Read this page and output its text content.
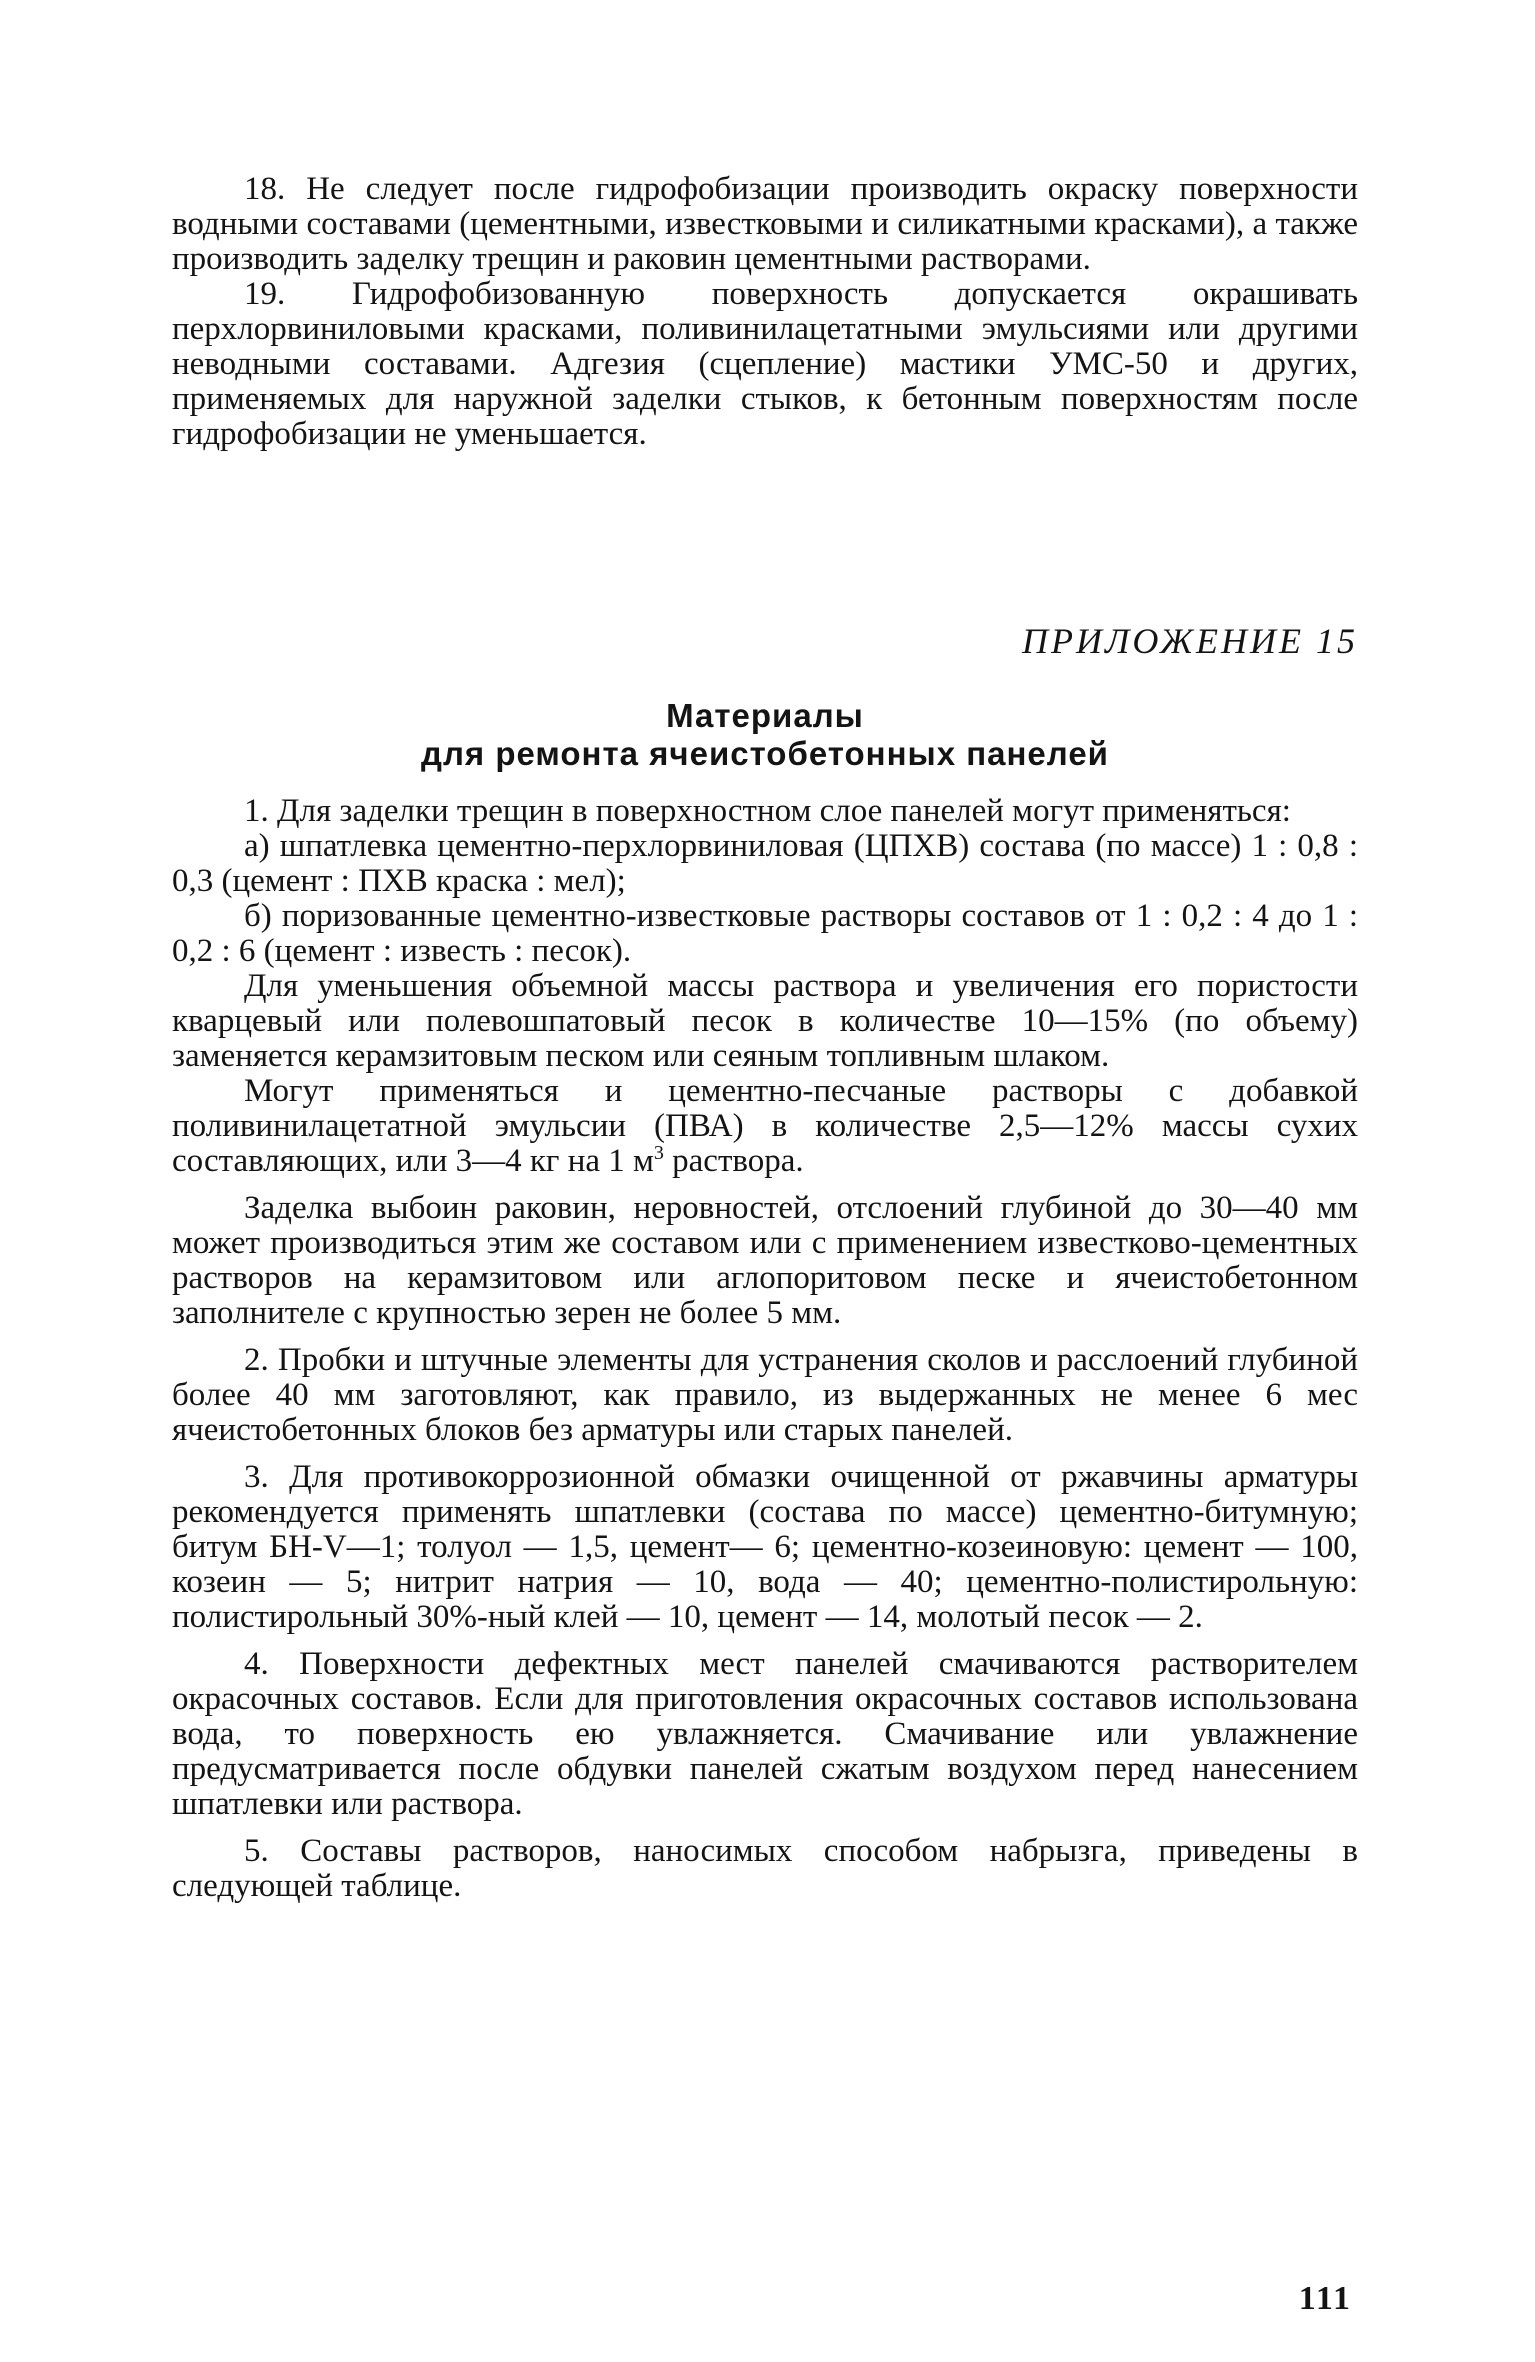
18. Не следует после гидрофобизации производить окраску поверхности водными составами (цементными, известковыми и силикатными красками), а также производить заделку трещин и раковин цементными растворами.

19. Гидрофобизованную поверхность допускается окрашивать перхлорвиниловыми красками, поливинилацетатными эмульсиями или другими неводными составами. Адгезия (сцепление) мастики УМС-50 и других, применяемых для наружной заделки стыков, к бетонным поверхностям после гидрофобизации не уменьшается.

ПРИЛОЖЕНИЕ 15

Материалы
для ремонта ячеистобетонных панелей

1. Для заделки трещин в поверхностном слое панелей могут применяться:

а) шпатлевка цементно-перхлорвиниловая (ЦПХВ) состава (по массе) 1 : 0,8 : 0,3 (цемент : ПХВ краска : мел);

б) поризованные цементно-известковые растворы составов от 1 : 0,2 : 4 до 1 : 0,2 : 6 (цемент : известь : песок).

Для уменьшения объемной массы раствора и увеличения его пористости кварцевый или полевошпатовый песок в количестве 10—15% (по объему) заменяется керамзитовым песком или сеяным топливным шлаком.

Могут применяться и цементно-песчаные растворы с добавкой поливинилацетатной эмульсии (ПВА) в количестве 2,5—12% массы сухих составляющих, или 3—4 кг на 1 $м^3$ раствора.

Заделка выбоин раковин, неровностей, отслоений глубиной до 30—40 мм может производиться этим же составом или с применением известково-цементных растворов на керамзитовом или аглопоритовом песке и ячеистобетонном заполнителе с крупностью зерен не более 5 мм.

2. Пробки и штучные элементы для устранения сколов и расслоений глубиной более 40 мм заготовляют, как правило, из выдержанных не менее 6 мес ячеистобетонных блоков без арматуры или старых панелей.

3. Для противокоррозионной обмазки очищенной от ржавчины арматуры рекомендуется применять шпатлевки (состава по массе) цементно-битумную; битум БН-V—1; толуол — 1,5, цемент— 6; цементно-козеиновую: цемент — 100, козеин — 5; нитрит натрия — 10, вода — 40; цементно-полистирольную: полистирольный 30%-ный клей — 10, цемент — 14, молотый песок — 2.

4. Поверхности дефектных мест панелей смачиваются растворителем окрасочных составов. Если для приготовления окрасочных составов использована вода, то поверхность ею увлажняется. Смачивание или увлажнение предусматривается после обдувки панелей сжатым воздухом перед нанесением шпатлевки или раствора.

5. Составы растворов, наносимых способом набрызга, приведены в следующей таблице.

111
